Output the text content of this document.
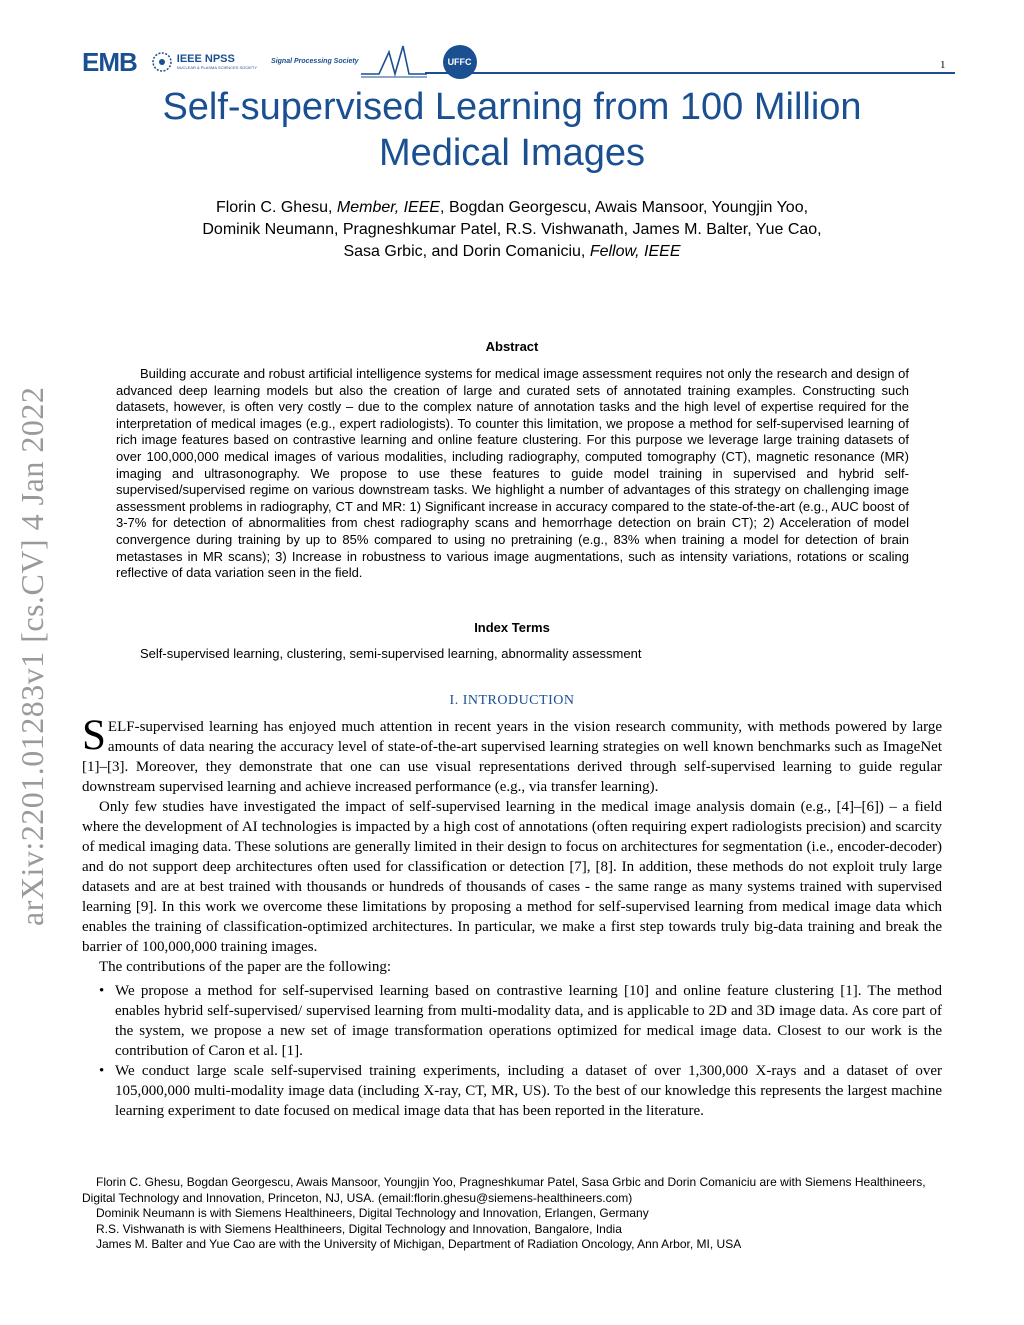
EMB	IEEE NPSS
NUCLEAR & PLASMA SCIENCES SOCIETY
Signal Processing Society	UFFC	1
Self-supervised Learning from 100 Million Medical Images
Florin C. Ghesu, Member, IEEE, Bogdan Georgescu, Awais Mansoor, Youngjin Yoo,
Dominik Neumann, Pragneshkumar Patel, R.S. Vishwanath, James M. Balter, Yue Cao,
Sasa Grbic, and Dorin Comaniciu, Fellow, IEEE
arXiv:2201.01283v1 [cs.CV] 4 Jan 2022
Abstract

Building accurate and robust artificial intelligence systems for medical image assessment requires not only the research and design of advanced deep learning models but also the creation of large and curated sets of annotated training examples. Constructing such datasets, however, is often very costly – due to the complex nature of annotation tasks and the high level of expertise required for the interpretation of medical images (e.g., expert radiologists). To counter this limitation, we propose a method for self-supervised learning of rich image features based on contrastive learning and online feature clustering. For this purpose we leverage large training datasets of over 100,000,000 medical images of various modalities, including radiography, computed tomography (CT), magnetic resonance (MR) imaging and ultrasonography. We propose to use these features to guide model training in supervised and hybrid self-supervised/supervised regime on various downstream tasks. We highlight a number of advantages of this strategy on challenging image assessment problems in radiography, CT and MR: 1) Significant increase in accuracy compared to the state-of-the-art (e.g., AUC boost of 3-7% for detection of abnormalities from chest radiography scans and hemorrhage detection on brain CT); 2) Acceleration of model convergence during training by up to 85% compared to using no pretraining (e.g., 83% when training a model for detection of brain metastases in MR scans); 3) Increase in robustness to various image augmentations, such as intensity variations, rotations or scaling reflective of data variation seen in the field.

Index Terms
Self-supervised learning, clustering, semi-supervised learning, abnormality assessment
I. INTRODUCTION

SELF-supervised learning has enjoyed much attention in recent years in the vision research community, with methods powered by large amounts of data nearing the accuracy level of state-of-the-art supervised learning strategies on well known benchmarks such as ImageNet [1]–[3]. Moreover, they demonstrate that one can use visual representations derived through self-supervised learning to guide regular downstream supervised learning and achieve increased performance (e.g., via transfer learning).

Only few studies have investigated the impact of self-supervised learning in the medical image analysis domain (e.g., [4]–[6]) – a field where the development of AI technologies is impacted by a high cost of annotations (often requiring expert radiologists precision) and scarcity of medical imaging data. These solutions are generally limited in their design to focus on architectures for segmentation (i.e., encoder-decoder) and do not support deep architectures often used for classification or detection [7], [8]. In addition, these methods do not exploit truly large datasets and are at best trained with thousands or hundreds of thousands of cases - the same range as many systems trained with supervised learning [9]. In this work we overcome these limitations by proposing a method for self-supervised learning from medical image data which enables the training of classification-optimized architectures. In particular, we make a first step towards truly big-data training and break the barrier of 100,000,000 training images.

The contributions of the paper are the following:

• We propose a method for self-supervised learning based on contrastive learning [10] and online feature clustering [1]. The method enables hybrid self-supervised/ supervised learning from multi-modality data, and is applicable to 2D and 3D image data. As core part of the system, we propose a new set of image transformation operations optimized for medical image data. Closest to our work is the contribution of Caron et al. [1].
• We conduct large scale self-supervised training experiments, including a dataset of over 1,300,000 X-rays and a dataset of over 105,000,000 multi-modality image data (including X-ray, CT, MR, US). To the best of our knowledge this represents the largest machine learning experiment to date focused on medical image data that has been reported in the literature.
Florin C. Ghesu, Bogdan Georgescu, Awais Mansoor, Youngjin Yoo, Pragneshkumar Patel, Sasa Grbic and Dorin Comaniciu are with Siemens Healthineers, Digital Technology and Innovation, Princeton, NJ, USA. (email:florin.ghesu@siemens-healthineers.com)
Dominik Neumann is with Siemens Healthineers, Digital Technology and Innovation, Erlangen, Germany
R.S. Vishwanath is with Siemens Healthineers, Digital Technology and Innovation, Bangalore, India
James M. Balter and Yue Cao are with the University of Michigan, Department of Radiation Oncology, Ann Arbor, MI, USA
